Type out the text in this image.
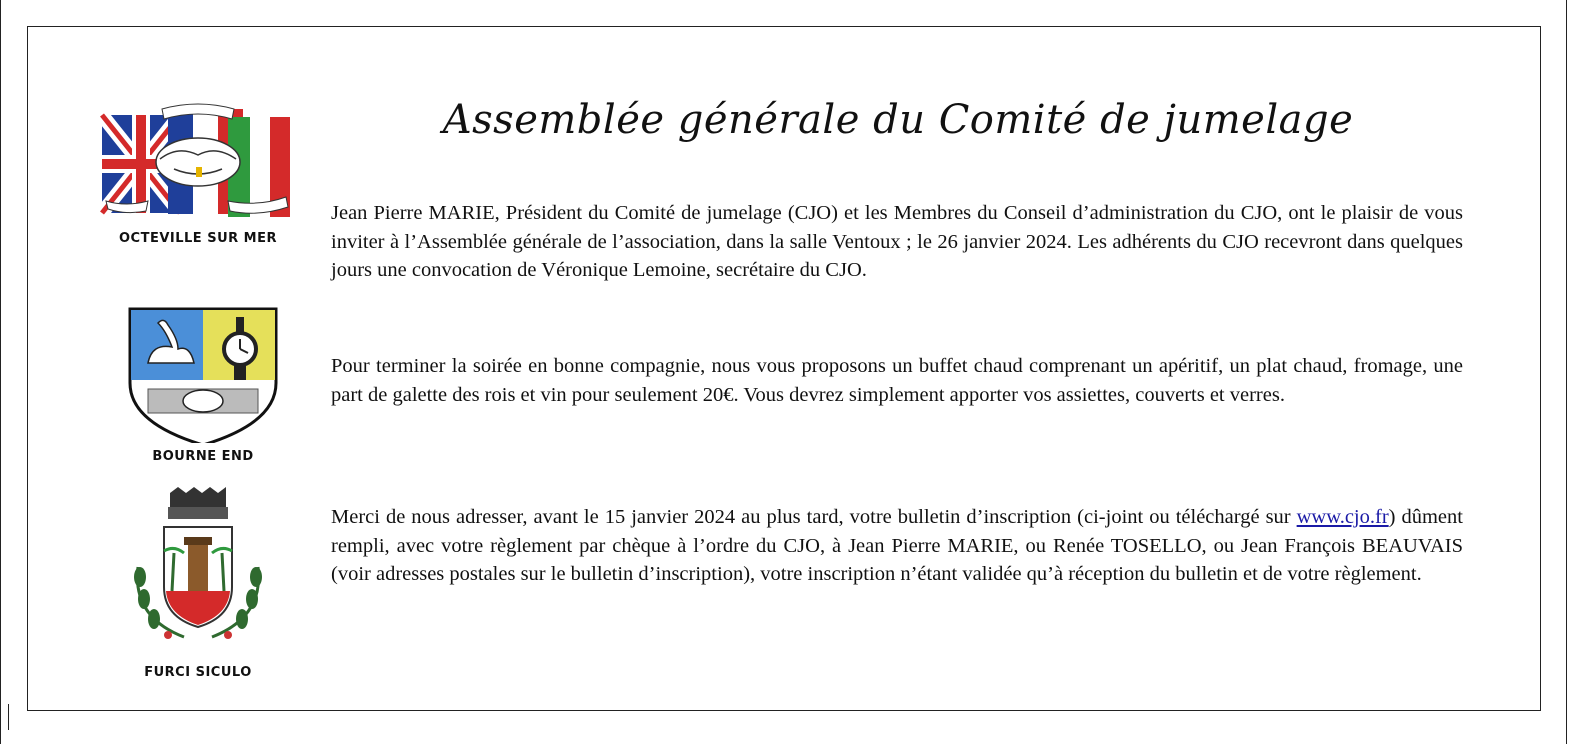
OCTEVILLE SUR MER
BOURNE END
FURCI SICULO
Assemblée générale du Comité de jumelage

Jean Pierre MARIE, Président du Comité de jumelage (CJO) et les Membres du Conseil d’administration du CJO, ont le plaisir de vous inviter à l’Assemblée générale de l’association, dans la salle Ventoux ; le 26 janvier 2024. Les adhérents du CJO recevront dans quelques jours une convocation de Véronique Lemoine, secrétaire du CJO.

Pour terminer la soirée en bonne compagnie, nous vous proposons un buffet chaud comprenant un apéritif, un plat chaud, fromage, une part de galette des rois et vin pour seulement 20€. Vous devrez simplement apporter vos assiettes, couverts et verres.

Merci de nous adresser, avant le 15 janvier 2024 au plus tard, votre bulletin d’inscription (ci-joint ou téléchargé sur www.cjo.fr) dûment rempli, avec votre règlement par chèque à l’ordre du CJO, à Jean Pierre MARIE, ou Renée TOSELLO, ou Jean François BEAUVAIS (voir adresses postales sur le bulletin d’inscription), votre inscription n’étant validée qu’à réception du bulletin et de votre règlement.
